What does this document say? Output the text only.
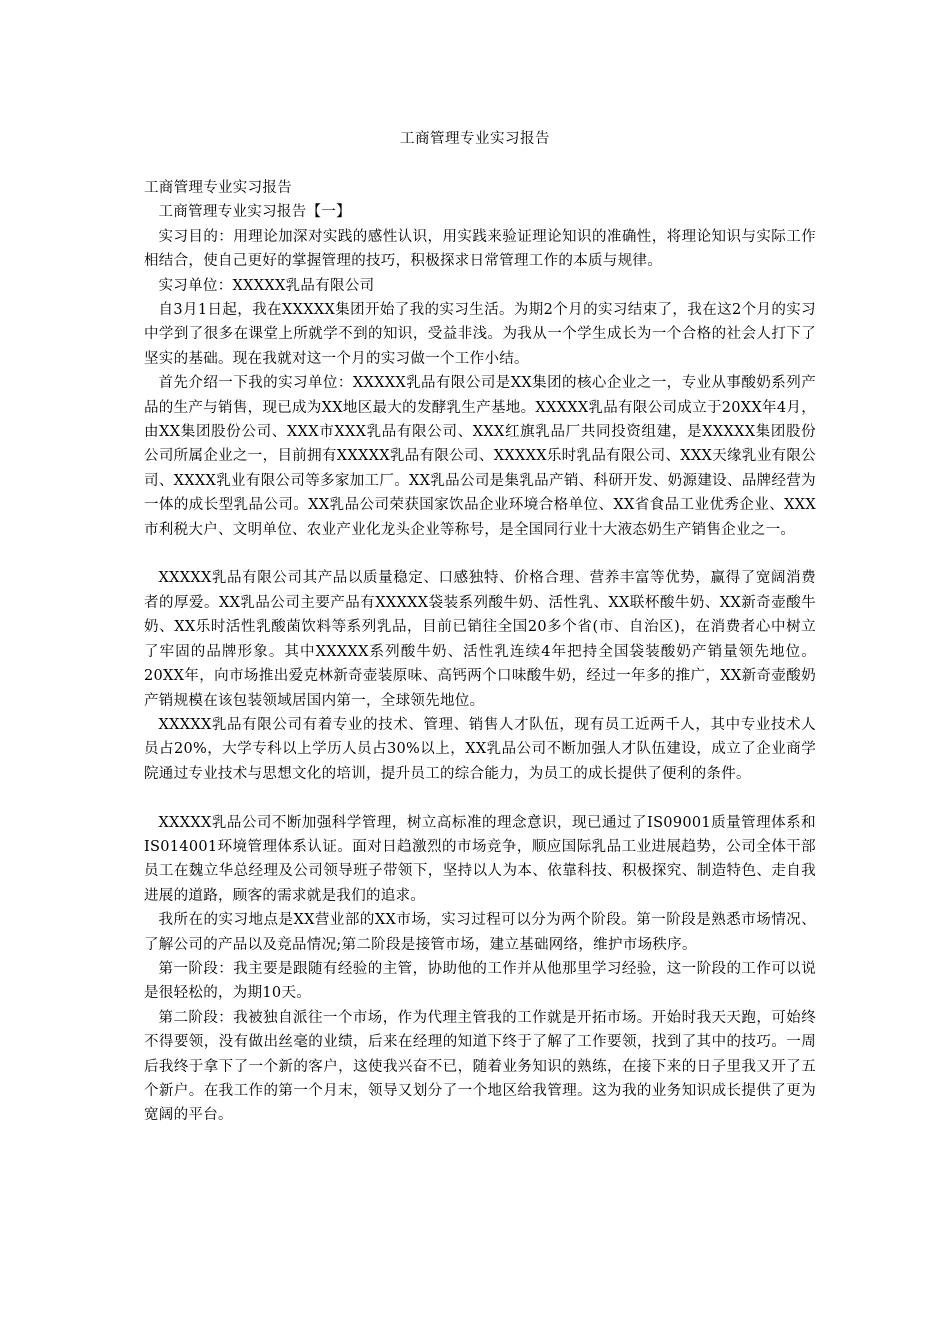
工商管理专业实习报告

工商管理专业实习报告

工商管理专业实习报告【一】

实习目的：用理论加深对实践的感性认识，用实践来验证理论知识的准确性，将理论知识与实际工作相结合，使自己更好的掌握管理的技巧，积极探求日常管理工作的本质与规律。

实习单位：XXXXX乳品有限公司

自3月1日起，我在XXXXX集团开始了我的实习生活。为期2个月的实习结束了，我在这2个月的实习中学到了很多在课堂上所就学不到的知识，受益非浅。为我从一个学生成长为一个合格的社会人打下了坚实的基础。现在我就对这一个月的实习做一个工作小结。

首先介绍一下我的实习单位：XXXXX乳品有限公司是XX集团的核心企业之一，专业从事酸奶系列产品的生产与销售，现已成为XX地区最大的发酵乳生产基地。XXXXX乳品有限公司成立于20XX年4月，由XX集团股份公司、XXX市XXX乳品有限公司、XXX红旗乳品厂共同投资组建，是XXXXX集团股份公司所属企业之一，目前拥有XXXXX乳品有限公司、XXXXX乐时乳品有限公司、XXX天缘乳业有限公司、XXXX乳业有限公司等多家加工厂。XX乳品公司是集乳品产销、科研开发、奶源建设、品牌经营为一体的成长型乳品公司。XX乳品公司荣获国家饮品企业环境合格单位、XX省食品工业优秀企业、XXX市利税大户、文明单位、农业产业化龙头企业等称号，是全国同行业十大液态奶生产销售企业之一。

XXXXX乳品有限公司其产品以质量稳定、口感独特、价格合理、营养丰富等优势，赢得了宽阔消费者的厚爱。XX乳品公司主要产品有XXXXX袋装系列酸牛奶、活性乳、XX联杯酸牛奶、XX新奇壶酸牛奶、XX乐时活性乳酸菌饮料等系列乳品，目前已销往全国20多个省(市、自治区)，在消费者心中树立了牢固的品牌形象。其中XXXXX系列酸牛奶、活性乳连续4年把持全国袋装酸奶产销量领先地位。20XX年，向市场推出爱克林新奇壶装原味、高钙两个口味酸牛奶，经过一年多的推广，XX新奇壶酸奶产销规模在该包装领域居国内第一，全球领先地位。

XXXXX乳品有限公司有着专业的技术、管理、销售人才队伍，现有员工近两千人，其中专业技术人员占20%，大学专科以上学历人员占30%以上，XX乳品公司不断加强人才队伍建设，成立了企业商学院通过专业技术与思想文化的培训，提升员工的综合能力，为员工的成长提供了便利的条件。

XXXXX乳品公司不断加强科学管理，树立高标准的理念意识，现已通过了IS09001质量管理体系和IS014001环境管理体系认证。面对日趋激烈的市场竞争，顺应国际乳品工业进展趋势，公司全体干部员工在魏立华总经理及公司领导班子带领下，坚持以人为本、依靠科技、积极探究、制造特色、走自我进展的道路，顾客的需求就是我们的追求。

我所在的实习地点是XX营业部的XX市场，实习过程可以分为两个阶段。第一阶段是熟悉市场情况、了解公司的产品以及竞品情况;第二阶段是接管市场，建立基础网络，维护市场秩序。

第一阶段：我主要是跟随有经验的主管，协助他的工作并从他那里学习经验，这一阶段的工作可以说是很轻松的，为期10天。

第二阶段：我被独自派往一个市场，作为代理主管我的工作就是开拓市场。开始时我天天跑，可始终不得要领，没有做出丝毫的业绩，后来在经理的知道下终于了解了工作要领，找到了其中的技巧。一周后我终于拿下了一个新的客户，这使我兴奋不已，随着业务知识的熟练，在接下来的日子里我又开了五个新户。在我工作的第一个月末，领导又划分了一个地区给我管理。这为我的业务知识成长提供了更为宽阔的平台。
